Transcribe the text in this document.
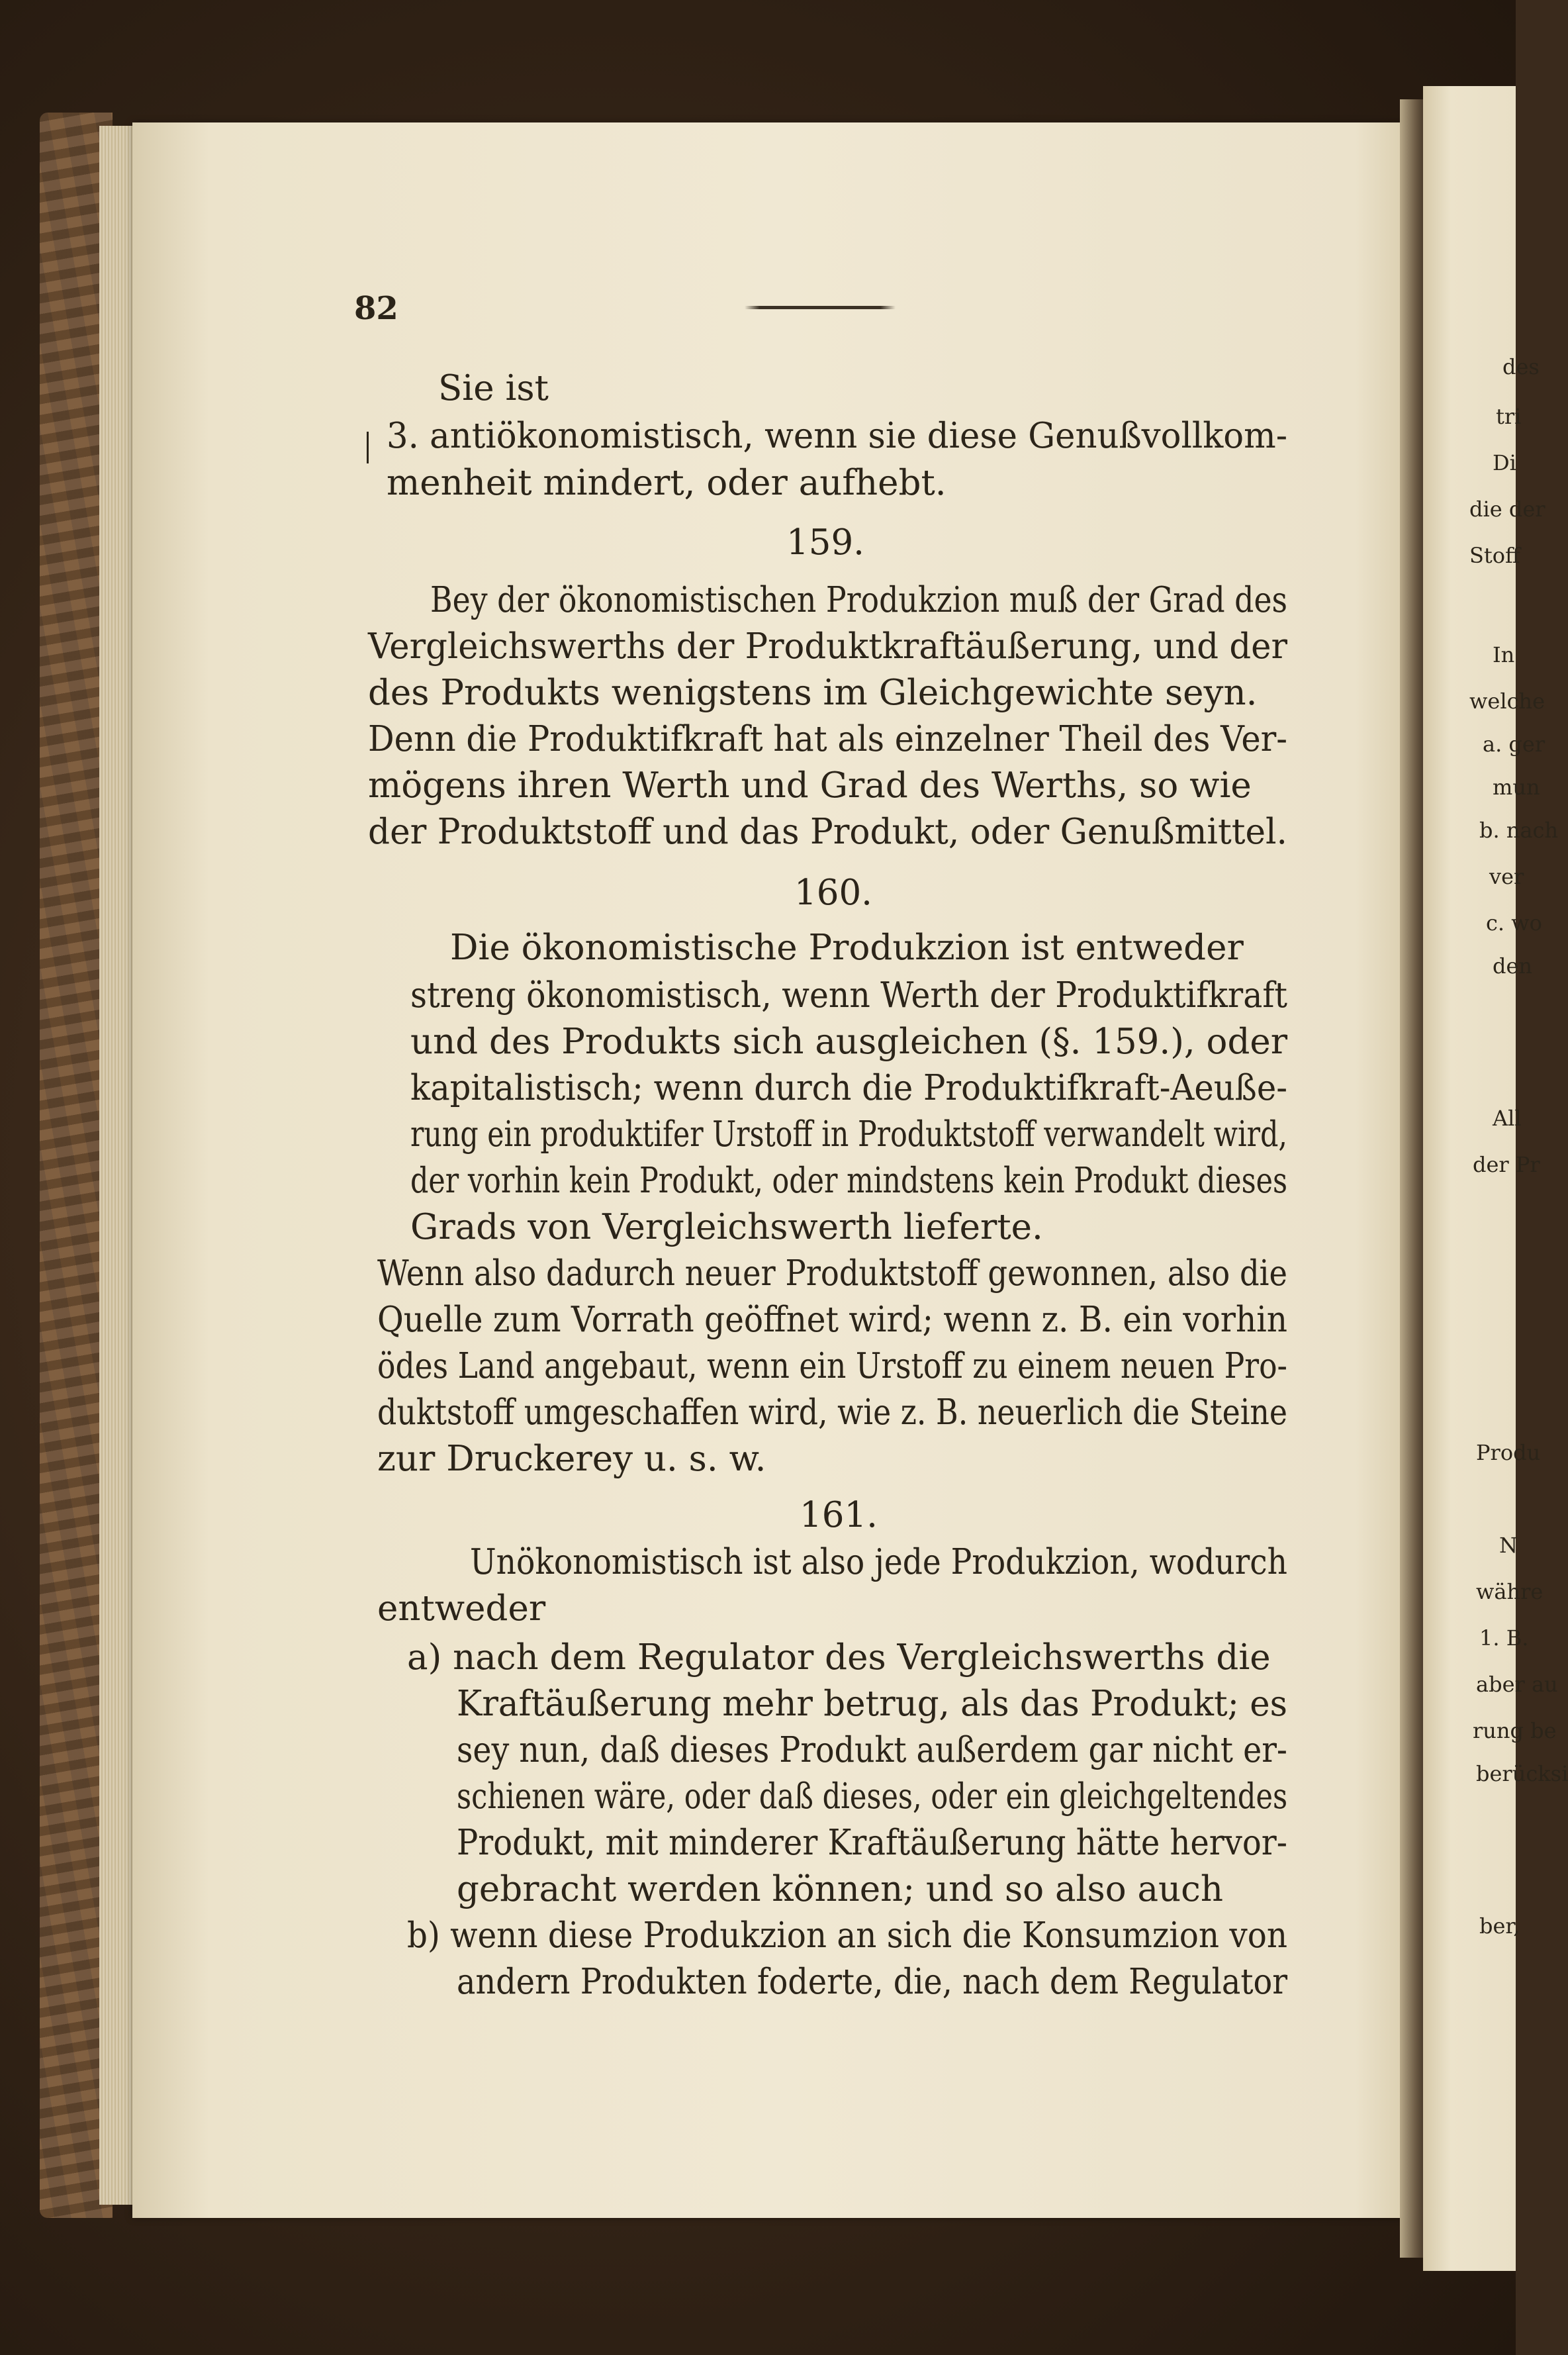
des
tri
Di
die der
Stoff
In
welche
a. ger
mun
b. nach
ver
c. wo
den
All
der Pr
Produ
N
währe
1. B.
aber au
rung be
berücksi
ber,
82
Sie ist
3. antiökonomistisch, wenn sie diese Genußvollkom-
menheit mindert, oder aufhebt.
159.
Bey der ökonomistischen Produkzion muß der Grad des
Vergleichswerths der Produktkraftäußerung, und der
des Produkts wenigstens im Gleichgewichte seyn.
Denn die Produktifkraft hat als einzelner Theil des Ver-
mögens ihren Werth und Grad des Werths, so wie
der Produktstoff und das Produkt, oder Genußmittel.
160.
Die ökonomistische Produkzion ist entweder
streng ökonomistisch, wenn Werth der Produktifkraft
und des Produkts sich ausgleichen (§. 159.), oder
kapitalistisch; wenn durch die Produktifkraft-Aeuße-
rung ein produktifer Urstoff in Produktstoff verwandelt wird,
der vorhin kein Produkt, oder mindstens kein Produkt dieses
Grads von Vergleichswerth lieferte.
Wenn also dadurch neuer Produktstoff gewonnen, also die
Quelle zum Vorrath geöffnet wird; wenn z. B. ein vorhin
ödes Land angebaut, wenn ein Urstoff zu einem neuen Pro-
duktstoff umgeschaffen wird, wie z. B. neuerlich die Steine
zur Druckerey u. s. w.
161.
Unökonomistisch ist also jede Produkzion, wodurch
entweder
a) nach dem Regulator des Vergleichswerths die
Kraftäußerung mehr betrug, als das Produkt; es
sey nun, daß dieses Produkt außerdem gar nicht er-
schienen wäre, oder daß dieses, oder ein gleichgeltendes
Produkt, mit minderer Kraftäußerung hätte hervor-
gebracht werden können; und so also auch
b) wenn diese Produkzion an sich die Konsumzion von
andern Produkten foderte, die, nach dem Regulator
